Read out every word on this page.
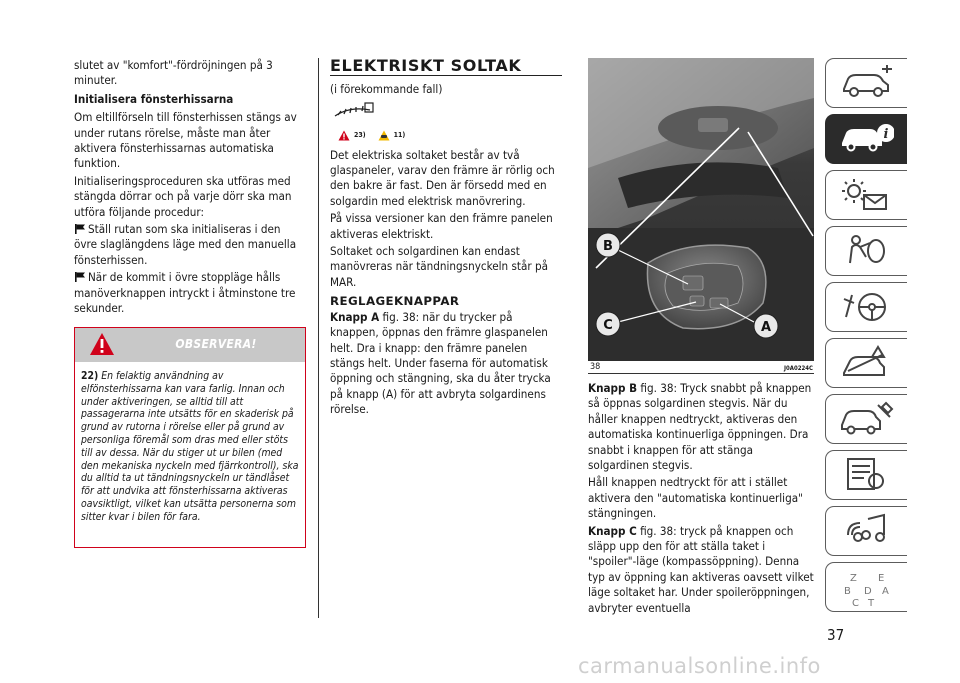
slutet av "komfort"-fördröjningen på 3 minuter.

Initialisera fönsterhissarna

Om eltillförseln till fönsterhissen stängs av under rutans rörelse, måste man åter aktivera fönsterhissarnas automatiska funktion.

Initialiseringsproceduren ska utföras med stängda dörrar och på varje dörr ska man utföra följande procedur:

Ställ rutan som ska initialiseras i den övre slaglängdens läge med den manuella fönsterhissen.

När de kommit i övre stoppläge hålls manöverknappen intryckt i åtminstone tre sekunder.

OBSERVERA!
22) En felaktig användning av elfönsterhissarna kan vara farlig. Innan och under aktiveringen, se alltid till att passagerarna inte utsätts för en skaderisk på grund av rutorna i rörelse eller på grund av personliga föremål som dras med eller stöts till av dessa. När du stiger ut ur bilen (med den mekaniska nyckeln med fjärrkontroll), ska du alltid ta ut tändningsnyckeln ur tändlåset för att undvika att fönsterhissarna aktiveras oavsiktligt, vilket kan utsätta personerna som sitter kvar i bilen för fara.
ELEKTRISKT SOLTAK

(i förekommande fall)

23)	11)

Det elektriska soltaket består av två glaspaneler, varav den främre är rörlig och den bakre är fast. Den är försedd med en solgardin med elektrisk manövrering.

På vissa versioner kan den främre panelen aktiveras elektriskt.

Soltaket och solgardinen kan endast manövreras när tändningsnyckeln står på MAR.

REGLAGEKNAPPAR

Knapp A fig. 38: när du trycker på knappen, öppnas den främre glaspanelen helt. Dra i knapp: den främre panelen stängs helt. Under faserna för automatisk öppning och stängning, ska du åter trycka på knapp (A) för att avbryta solgardinens rörelse.

B
C	A
38	J0A0224C

Knapp B fig. 38: Tryck snabbt på knappen så öppnas solgardinen stegvis. När du håller knappen nedtryckt, aktiveras den automatiska kontinuerliga öppningen. Dra snabbt i knappen för att stänga solgardinen stegvis.

Håll knappen nedtryckt för att i stället aktivera den "automatiska kontinuerliga" stängningen.

Knapp C fig. 38: tryck på knappen och släpp upp den för att ställa taket i "spoiler"-läge (kompassöppning). Denna typ av öppning kan aktiveras oavsett vilket läge soltaket har. Under spoileröppningen, avbryter eventuella

i
Z E
B D A
C T
37
carmanualsonline.info
